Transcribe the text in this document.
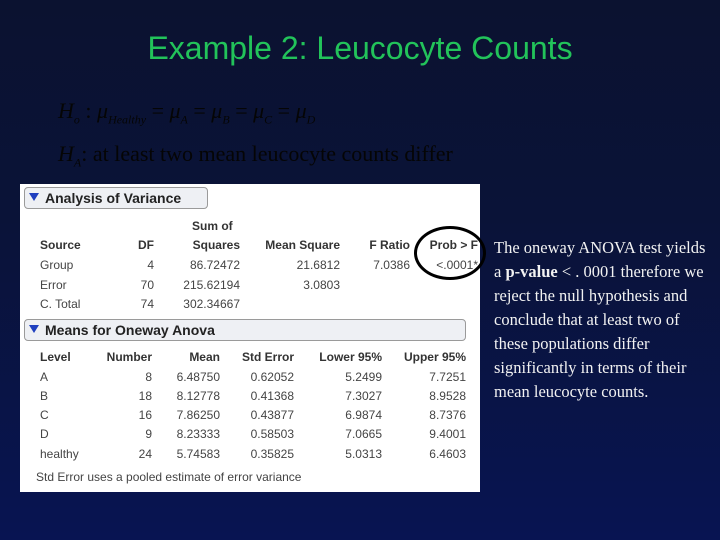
Example 2: Leucocyte Counts
$H_o$ : $\mu_{Healthy} = \mu_A = \mu_B = \mu_C = \mu_D$
$H_A$: at least two mean leucocyte counts differ
Analysis of Variance
Sum of
Source	DF	Squares	Mean Square	F Ratio	Prob > F
Group	4	86.72472	21.6812	7.0386	<.0001*
Error	70	215.62194	3.0803
C. Total	74	302.34667
Means for Oneway Anova
Level	Number	Mean	Std Error	Lower 95%	Upper 95%
A	8	6.48750	0.62052	5.2499	7.7251
B	18	8.12778	0.41368	7.3027	8.9528
C	16	7.86250	0.43877	6.9874	8.7376
D	9	8.23333	0.58503	7.0665	9.4001
healthy	24	5.74583	0.35825	5.0313	6.4603
Std Error uses a pooled estimate of error variance
The oneway ANOVA test yields a p-value < . 0001 therefore we reject the null hypothesis and conclude that at least two of these populations differ significantly in terms of their mean leucocyte counts.
